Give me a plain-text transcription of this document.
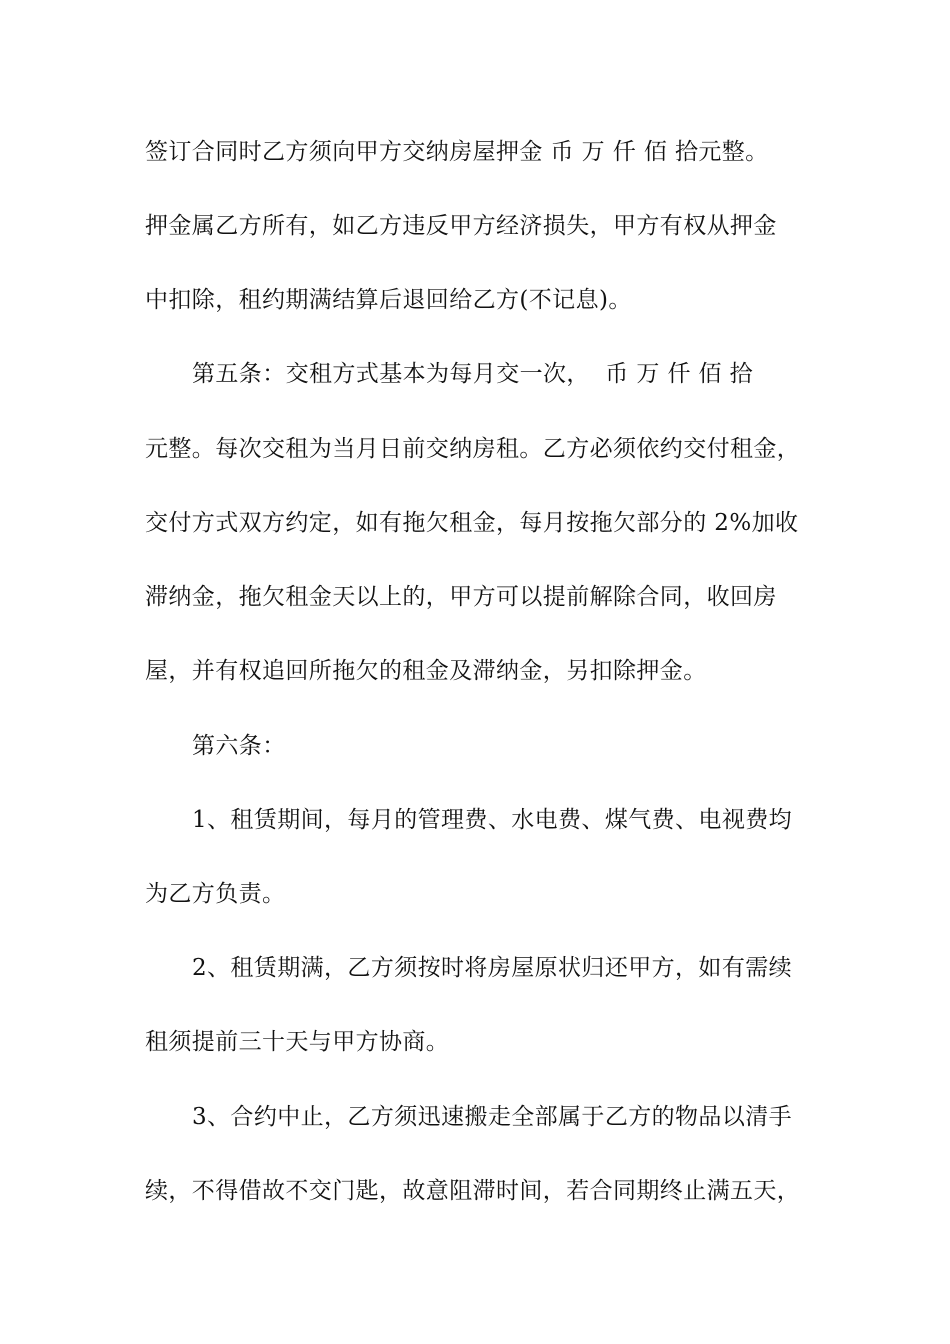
签订合同时乙方须向甲方交纳房屋押金 币 万 仟 佰 拾元整。
押金属乙方所有，如乙方违反甲方经济损失，甲方有权从押金
中扣除，租约期满结算后退回给乙方(不记息)。
第五条：交租方式基本为每月交一次，  币 万 仟 佰 拾
元整。每次交租为当月日前交纳房租。乙方必须依约交付租金，
交付方式双方约定，如有拖欠租金，每月按拖欠部分的 2%加收
滞纳金，拖欠租金天以上的，甲方可以提前解除合同，收回房
屋，并有权追回所拖欠的租金及滞纳金，另扣除押金。
第六条：
1、租赁期间，每月的管理费、水电费、煤气费、电视费均
为乙方负责。
2、租赁期满，乙方须按时将房屋原状归还甲方，如有需续
租须提前三十天与甲方协商。
3、合约中止，乙方须迅速搬走全部属于乙方的物品以清手
续，不得借故不交门匙，故意阻滞时间，若合同期终止满五天，
